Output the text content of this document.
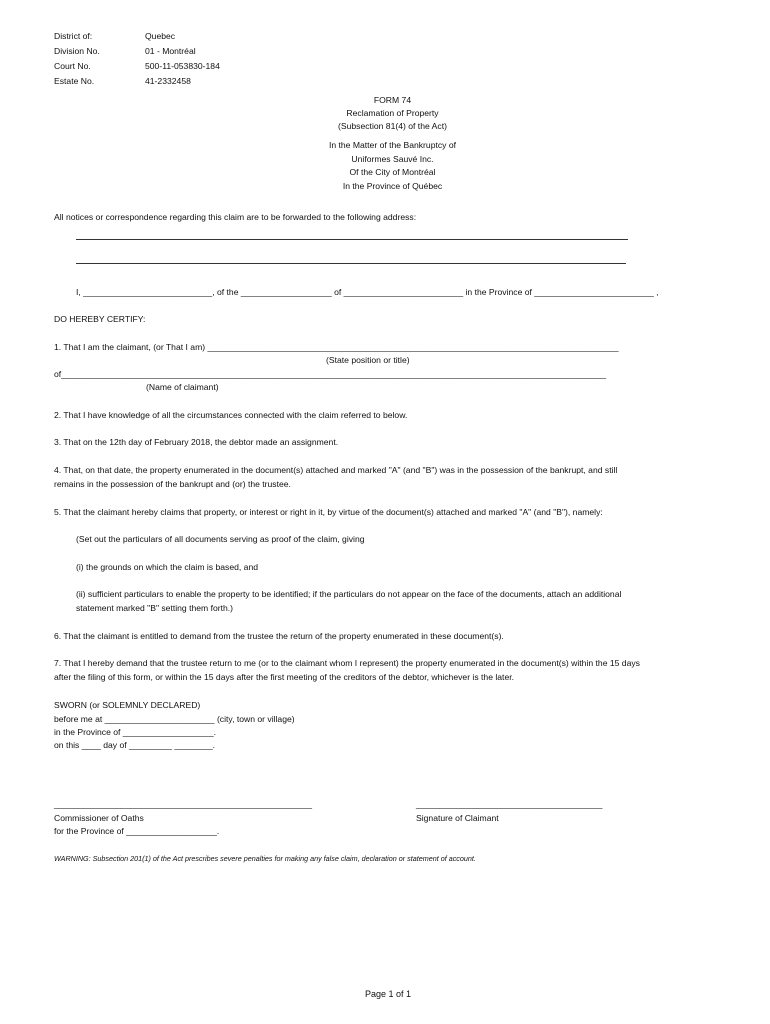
District of:	Quebec
Division No.	01 - Montréal
Court No.	500-11-053830-184
Estate No.	41-2332458
FORM 74
Reclamation of Property
(Subsection 81(4) of the Act)
In the Matter of the Bankruptcy of
Uniformes Sauvé Inc.
Of the City of Montréal
In the Province of Québec
All notices or correspondence regarding this claim are to be forwarded to the following address:
I, ___________________________, of the ___________________ of _________________________ in the Province of _________________________ ,
DO HEREBY CERTIFY:
1. That I am the claimant, (or That I am) ______________________________________________________________________________________
(State position or title)
of__________________________________________________________________________________________________________________
(Name of claimant)
2. That I have knowledge of all the circumstances connected with the claim referred to below.
3. That on the 12th day of February 2018, the debtor made an assignment.
4. That, on that date, the property enumerated in the document(s) attached and marked "A" (and "B") was in the possession of the bankrupt, and still remains in the possession of the bankrupt and (or) the trustee.
5. That the claimant hereby claims that property, or interest or right in it, by virtue of the document(s) attached and marked "A" (and "B"), namely:
(Set out the particulars of all documents serving as proof of the claim, giving
(i) the grounds on which the claim is based, and
(ii) sufficient particulars to enable the property to be identified; if the particulars do not appear on the face of the documents, attach an additional statement marked "B" setting them forth.)
6. That the claimant is entitled to demand from the trustee the return of the property enumerated in these document(s).
7. That I hereby demand that the trustee return to me (or to the claimant whom I represent) the property enumerated in the document(s) within the 15 days after the filing of this form, or within the 15 days after the first meeting of the creditors of the debtor, whichever is the later.
SWORN (or SOLEMNLY DECLARED)
before me at _______________________ (city, town or village)
in the Province of ___________________.
on this ____ day of _________ ________.
______________________________________________________
Commissioner of Oaths
for the Province of ___________________.
_______________________________________
Signature of Claimant
WARNING: Subsection 201(1) of the Act prescribes severe penalties for making any false claim, declaration or statement of account.
Page 1 of 1
